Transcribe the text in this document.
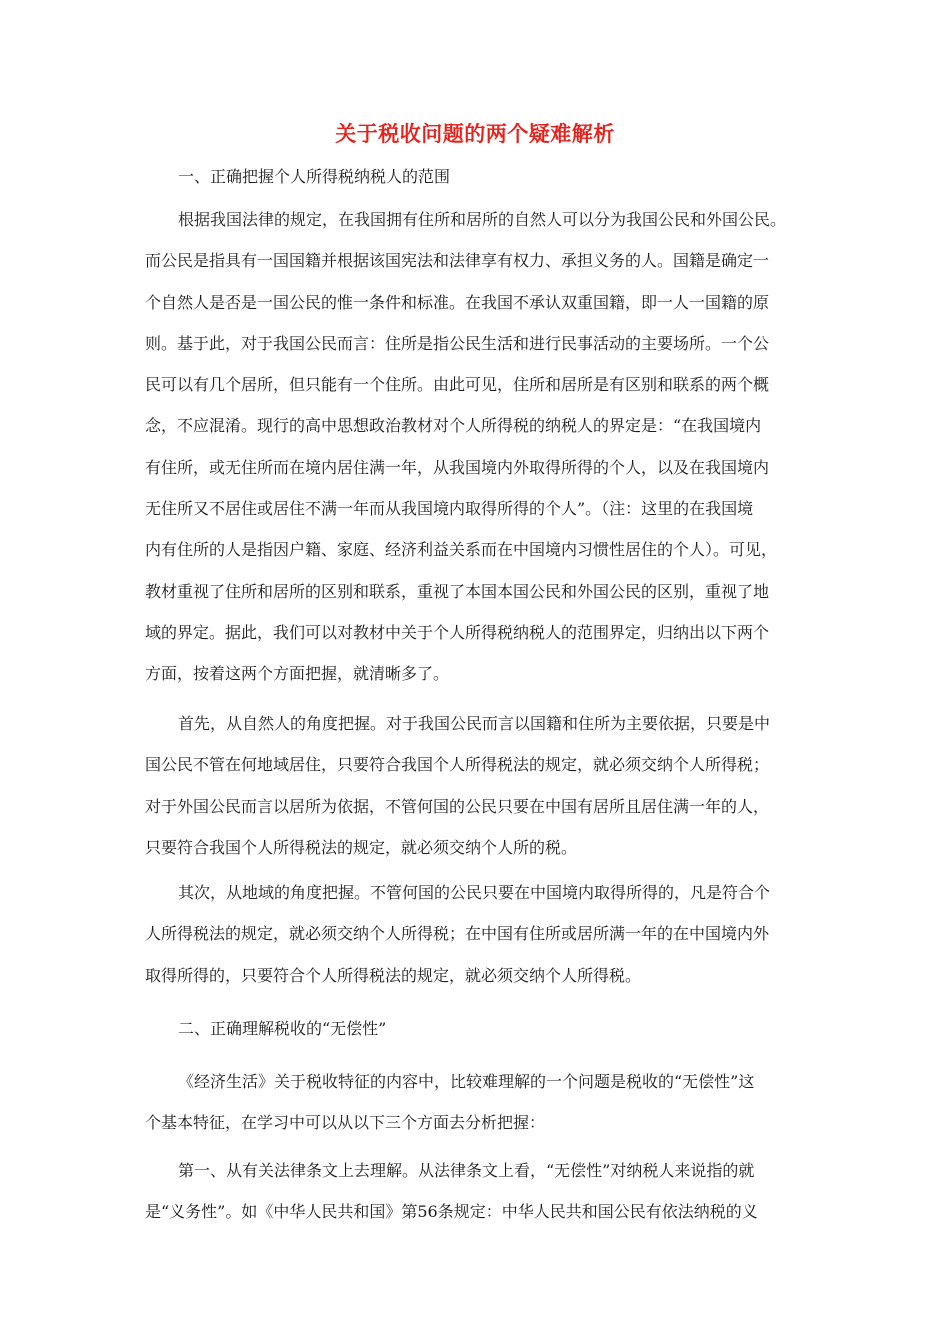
关于税收问题的两个疑难解析

一、正确把握个人所得税纳税人的范围

根据我国法律的规定，在我国拥有住所和居所的自然人可以分为我国公民和外国公民。
而公民是指具有一国国籍并根据该国宪法和法律享有权力、承担义务的人。国籍是确定一
个自然人是否是一国公民的惟一条件和标准。在我国不承认双重国籍，即一人一国籍的原
则。基于此，对于我国公民而言：住所是指公民生活和进行民事活动的主要场所。一个公
民可以有几个居所，但只能有一个住所。由此可见，住所和居所是有区别和联系的两个概
念，不应混淆。现行的高中思想政治教材对个人所得税的纳税人的界定是：“在我国境内
有住所，或无住所而在境内居住满一年，从我国境内外取得所得的个人，以及在我国境内
无住所又不居住或居住不满一年而从我国境内取得所得的个人”。（注：这里的在我国境
内有住所的人是指因户籍、家庭、经济利益关系而在中国境内习惯性居住的个人）。可见，
教材重视了住所和居所的区别和联系，重视了本国本国公民和外国公民的区别，重视了地
域的界定。据此，我们可以对教材中关于个人所得税纳税人的范围界定，归纳出以下两个
方面，按着这两个方面把握，就清晰多了。
首先，从自然人的角度把握。对于我国公民而言以国籍和住所为主要依据，只要是中
国公民不管在何地域居住，只要符合我国个人所得税法的规定，就必须交纳个人所得税；
对于外国公民而言以居所为依据，不管何国的公民只要在中国有居所且居住满一年的人，
只要符合我国个人所得税法的规定，就必须交纳个人所的税。
其次，从地域的角度把握。不管何国的公民只要在中国境内取得所得的，凡是符合个
人所得税法的规定，就必须交纳个人所得税；在中国有住所或居所满一年的在中国境内外
取得所得的，只要符合个人所得税法的规定，就必须交纳个人所得税。

二、正确理解税收的“无偿性”

《经济生活》关于税收特征的内容中，比较难理解的一个问题是税收的“无偿性”这
个基本特征，在学习中可以从以下三个方面去分析把握：
第一、从有关法律条文上去理解。从法律条文上看，“无偿性”对纳税人来说指的就
是“义务性”。如《中华人民共和国》第56条规定：中华人民共和国公民有依法纳税的义
